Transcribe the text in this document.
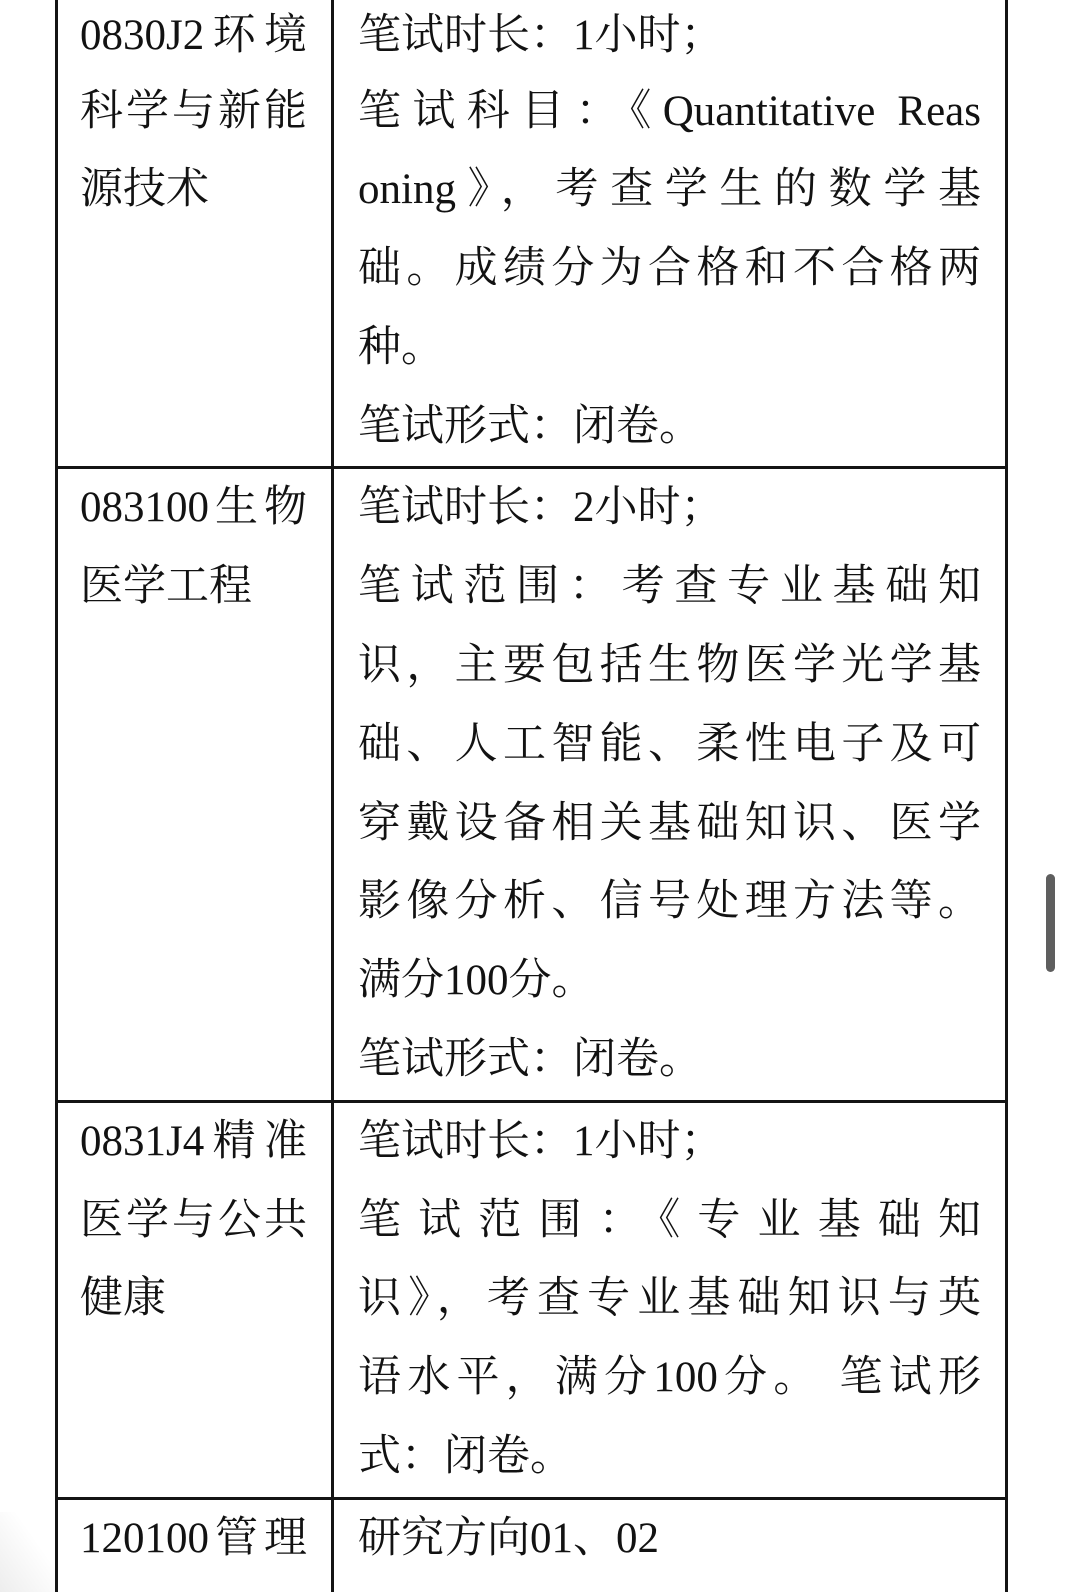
0830J2环境
科学与新能
源技术
笔试时长：1小时；
笔试科目：《Quantitative Reas
oning》，考查学生的数学基
础。成绩分为合格和不合格两
种。
笔试形式：闭卷。
083100生物
医学工程
笔试时长：2小时；
笔试范围：考查专业基础知
识，主要包括生物医学光学基
础、人工智能、柔性电子及可
穿戴设备相关基础知识、医学
影像分析、信号处理方法等。
满分100分。
笔试形式：闭卷。
0831J4精准
医学与公共
健康
笔试时长：1小时；
笔试范围：《专业基础知
识》，考查专业基础知识与英
语水平，满分100分。 笔试形
式：闭卷。
120100管理 研究方向01、02
